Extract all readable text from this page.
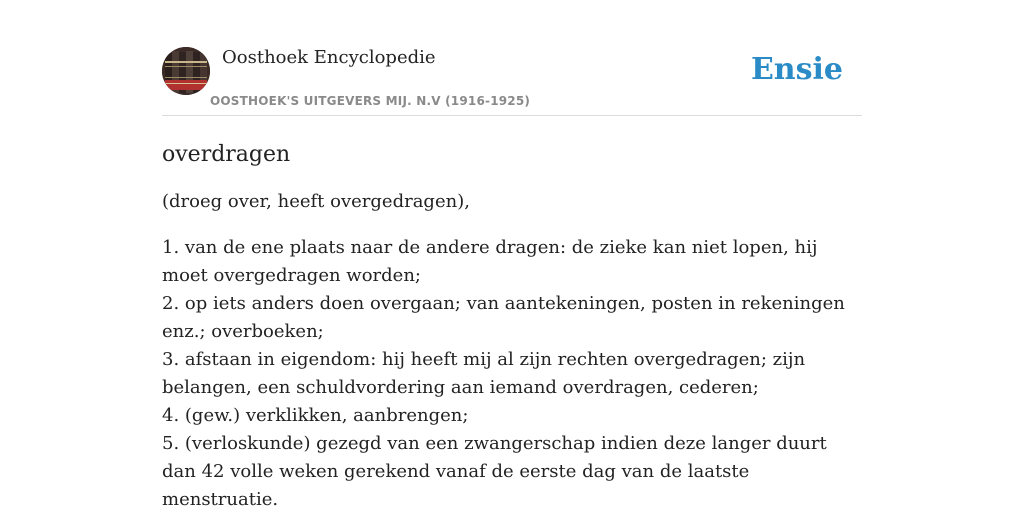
Oosthoek Encyclopedie
OOSTHOEK'S UITGEVERS MIJ. N.V (1916-1925)
Ensie
overdragen

(droeg over, heeft overgedragen),

1. van de ene plaats naar de andere dragen: de zieke kan niet lopen, hij moet overgedragen worden;
2. op iets anders doen overgaan; van aantekeningen, posten in rekeningen enz.; overboeken;
3. afstaan in eigendom: hij heeft mij al zijn rechten overgedragen; zijn belangen, een schuldvordering aan iemand overdragen, cederen;
4. (gew.) verklikken, aanbrengen;
5. (verloskunde) gezegd van een zwangerschap indien deze langer duurt dan 42 volle weken gerekend vanaf de eerste dag van de laatste menstruatie.
